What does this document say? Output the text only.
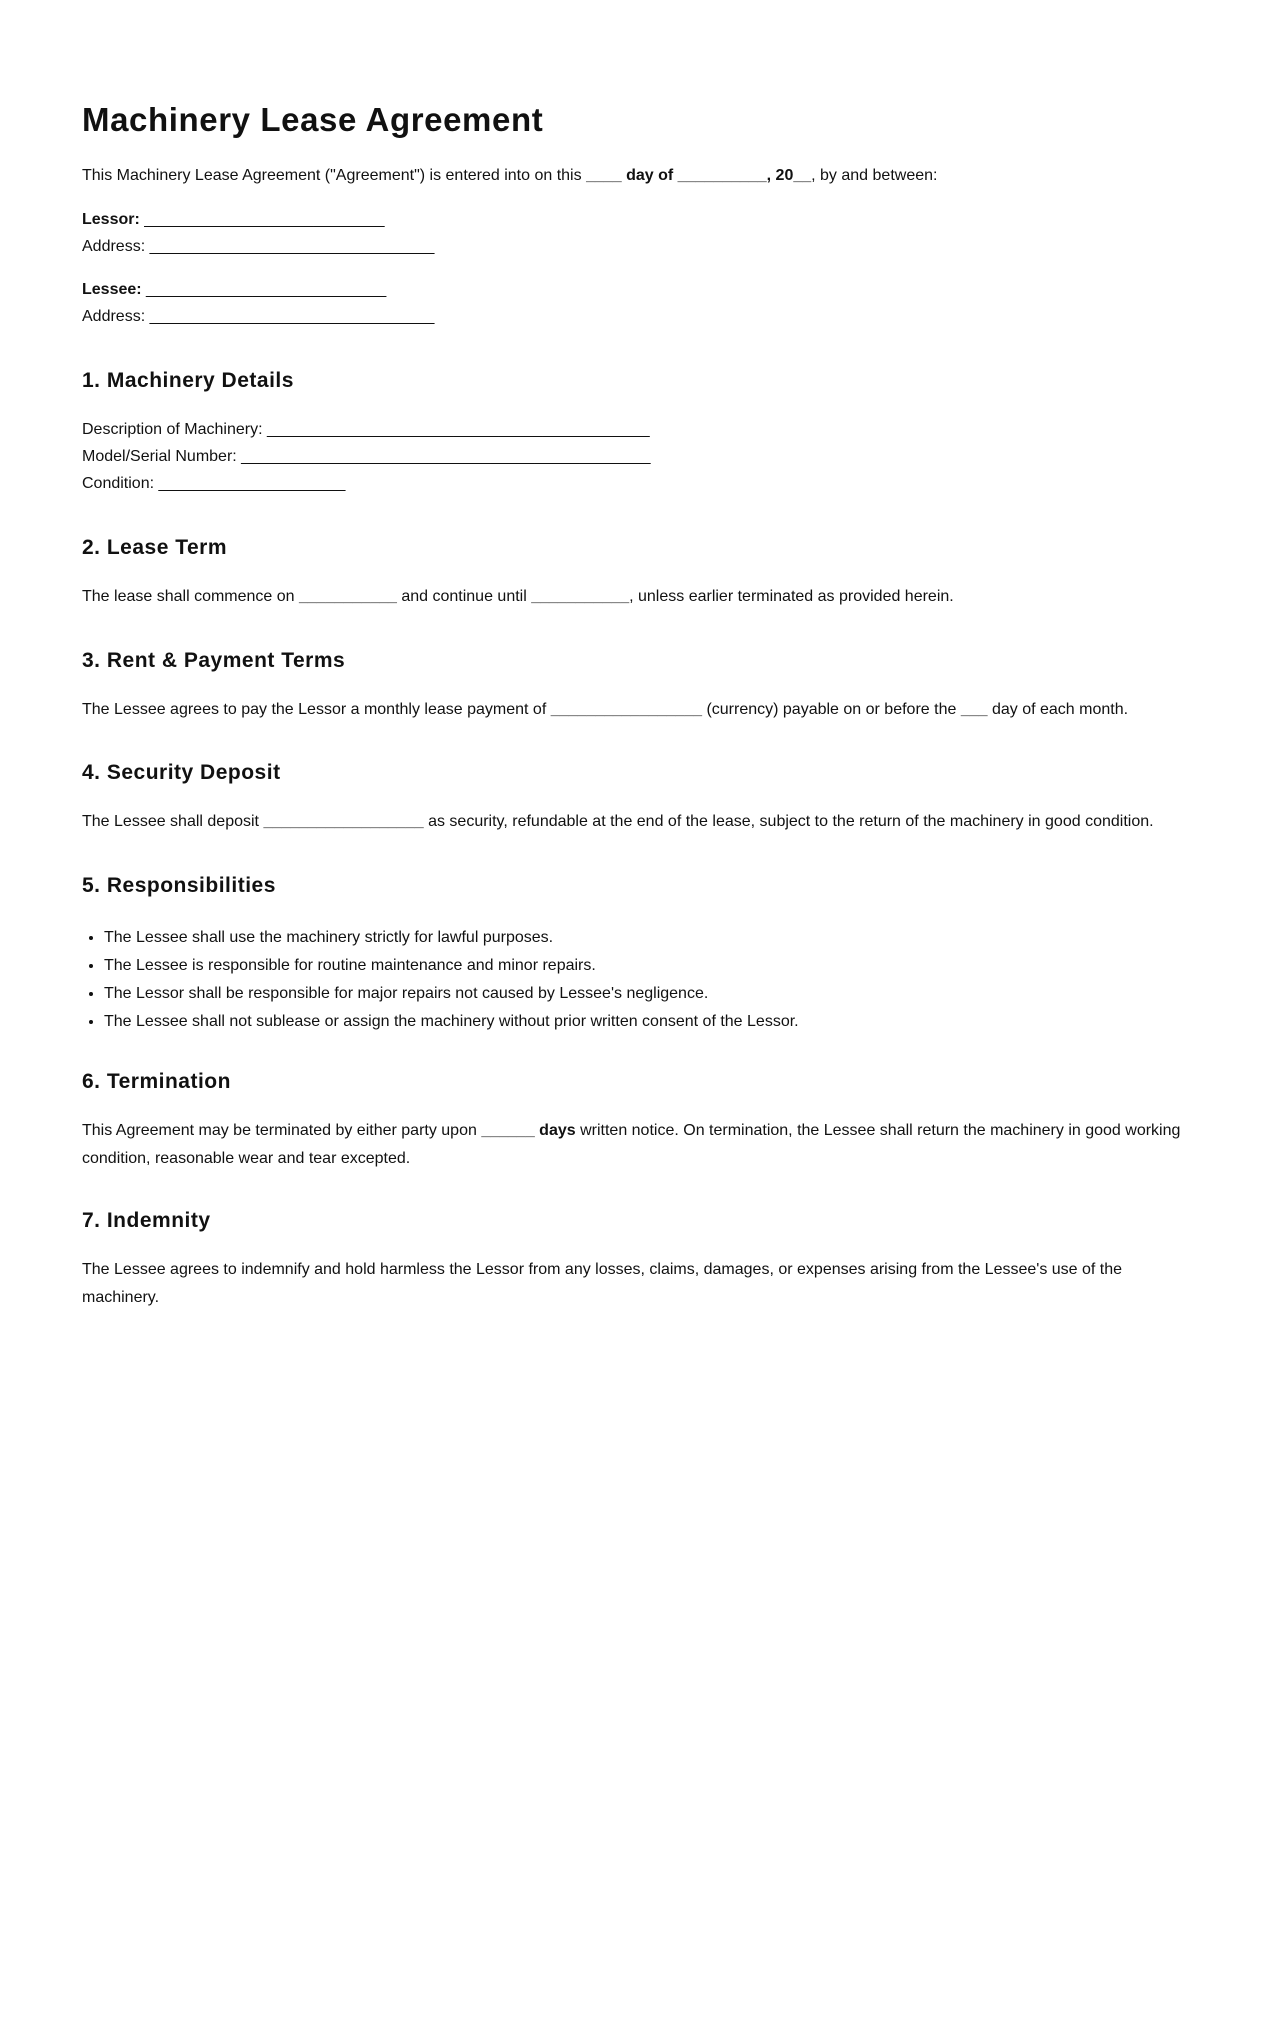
Machinery Lease Agreement

This Machinery Lease Agreement ("Agreement") is entered into on this ____ day of __________, 20__, by and between:

Lessor: ___________________________

Address: ________________________________

Lessee: ___________________________

Address: ________________________________

1. Machinery Details

Description of Machinery: ___________________________________________

Model/Serial Number: ______________________________________________

Condition: _____________________

2. Lease Term

The lease shall commence on ___________ and continue until ___________, unless earlier terminated as provided herein.

3. Rent & Payment Terms

The Lessee agrees to pay the Lessor a monthly lease payment of _________________ (currency) payable on or before the ___ day of each month.

4. Security Deposit

The Lessee shall deposit __________________ as security, refundable at the end of the lease, subject to the return of the machinery in good condition.

5. Responsibilities
• The Lessee shall use the machinery strictly for lawful purposes.
• The Lessee is responsible for routine maintenance and minor repairs.
• The Lessor shall be responsible for major repairs not caused by Lessee's negligence.
• The Lessee shall not sublease or assign the machinery without prior written consent of the Lessor.
6. Termination

This Agreement may be terminated by either party upon ______ days written notice. On termination, the Lessee shall return the machinery in good working condition, reasonable wear and tear excepted.

7. Indemnity

The Lessee agrees to indemnify and hold harmless the Lessor from any losses, claims, damages, or expenses arising from the Lessee's use of the machinery.
